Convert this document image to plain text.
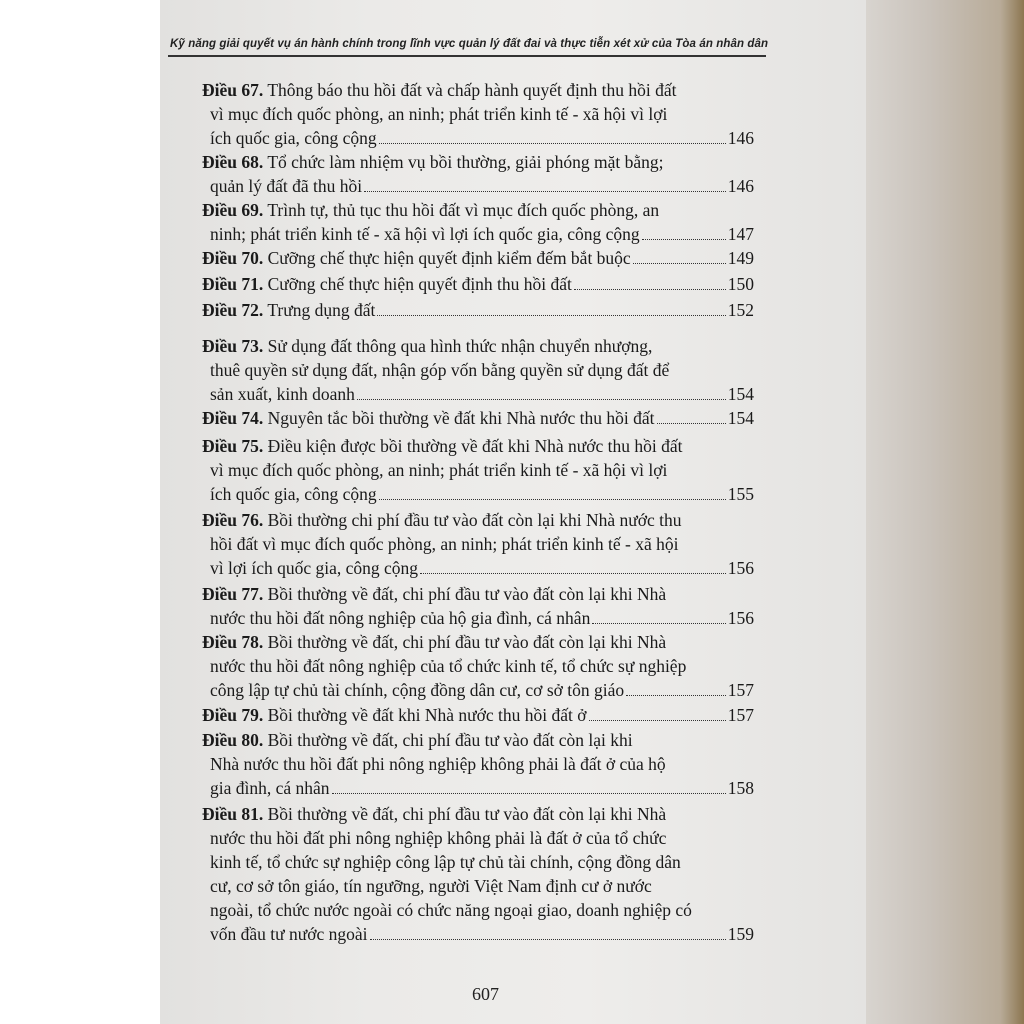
Kỹ năng giải quyết vụ án hành chính trong lĩnh vực quản lý đất đai và thực tiễn xét xử của Tòa án nhân dân
Điều 67. Thông báo thu hồi đất và chấp hành quyết định thu hồi đất
vì mục đích quốc phòng, an ninh; phát triển kinh tế - xã hội vì lợi
ích quốc gia, công cộng	146
Điều 68. Tổ chức làm nhiệm vụ bồi thường, giải phóng mặt bằng;
quản lý đất đã thu hồi	146
Điều 69. Trình tự, thủ tục thu hồi đất vì mục đích quốc phòng, an
ninh; phát triển kinh tế - xã hội vì lợi ích quốc gia, công cộng	147
Điều 70. Cưỡng chế thực hiện quyết định kiểm đếm bắt buộc	149
Điều 71. Cưỡng chế thực hiện quyết định thu hồi đất	150
Điều 72. Trưng dụng đất	152
Điều 73. Sử dụng đất thông qua hình thức nhận chuyển nhượng,
thuê quyền sử dụng đất, nhận góp vốn bằng quyền sử dụng đất để
sản xuất, kinh doanh	154
Điều 74. Nguyên tắc bồi thường về đất khi Nhà nước thu hồi đất	154
Điều 75. Điều kiện được bồi thường về đất khi Nhà nước thu hồi đất
vì mục đích quốc phòng, an ninh; phát triển kinh tế - xã hội vì lợi
ích quốc gia, công cộng	155
Điều 76. Bồi thường chi phí đầu tư vào đất còn lại khi Nhà nước thu
hồi đất vì mục đích quốc phòng, an ninh; phát triển kinh tế - xã hội
vì lợi ích quốc gia, công cộng	156
Điều 77. Bồi thường về đất, chi phí đầu tư vào đất còn lại khi Nhà
nước thu hồi đất nông nghiệp của hộ gia đình, cá nhân	156
Điều 78. Bồi thường về đất, chi phí đầu tư vào đất còn lại khi Nhà
nước thu hồi đất nông nghiệp của tổ chức kinh tế, tổ chức sự nghiệp
công lập tự chủ tài chính, cộng đồng dân cư, cơ sở tôn giáo	157
Điều 79. Bồi thường về đất khi Nhà nước thu hồi đất ở	157
Điều 80. Bồi thường về đất, chi phí đầu tư vào đất còn lại khi
Nhà nước thu hồi đất phi nông nghiệp không phải là đất ở của hộ
gia đình, cá nhân	158
Điều 81. Bồi thường về đất, chi phí đầu tư vào đất còn lại khi Nhà
nước thu hồi đất phi nông nghiệp không phải là đất ở của tổ chức
kinh tế, tổ chức sự nghiệp công lập tự chủ tài chính, cộng đồng dân
cư, cơ sở tôn giáo, tín ngưỡng, người Việt Nam định cư ở nước
ngoài, tổ chức nước ngoài có chức năng ngoại giao, doanh nghiệp có
vốn đầu tư nước ngoài	159
607
